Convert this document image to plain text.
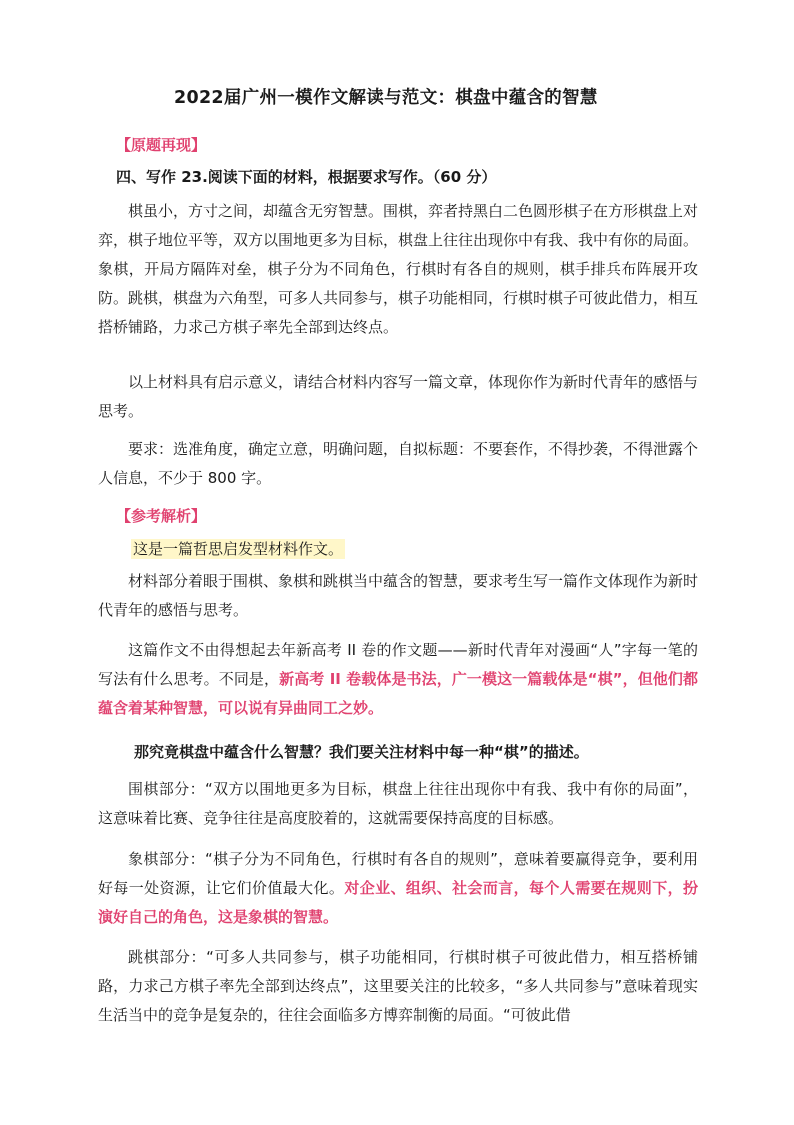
2022届广州一模作文解读与范文：棋盘中蕴含的智慧
【原题再现】
四、写作 23.阅读下面的材料，根据要求写作。（60 分）
棋虽小，方寸之间，却蕴含无穷智慧。围棋，弈者持黑白二色圆形棋子在方形棋盘上对弈，棋子地位平等，双方以围地更多为目标，棋盘上往往出现你中有我、我中有你的局面。象棋，开局方隔阵对垒，棋子分为不同角色，行棋时有各自的规则，棋手排兵布阵展开攻防。跳棋，棋盘为六角型，可多人共同参与，棋子功能相同，行棋时棋子可彼此借力，相互搭桥铺路，力求己方棋子率先全部到达终点。
以上材料具有启示意义，请结合材料内容写一篇文章，体现你作为新时代青年的感悟与思考。
要求：选准角度，确定立意，明确问题，自拟标题：不要套作，不得抄袭，不得泄露个人信息，不少于 800 字。
【参考解析】
这是一篇哲思启发型材料作文。
材料部分着眼于围棋、象棋和跳棋当中蕴含的智慧，要求考生写一篇作文体现作为新时代青年的感悟与思考。
这篇作文不由得想起去年新高考 II 卷的作文题——新时代青年对漫画“人”字每一笔的写法有什么思考。不同是，新高考 II 卷载体是书法，广一模这一篇载体是“棋”，但他们都蕴含着某种智慧，可以说有异曲同工之妙。
那究竟棋盘中蕴含什么智慧？我们要关注材料中每一种“棋”的描述。
围棋部分：“双方以围地更多为目标，棋盘上往往出现你中有我、我中有你的局面”，这意味着比赛、竞争往往是高度胶着的，这就需要保持高度的目标感。
象棋部分：“棋子分为不同角色，行棋时有各自的规则”，意味着要赢得竞争，要利用好每一处资源，让它们价值最大化。对企业、组织、社会而言，每个人需要在规则下，扮演好自己的角色，这是象棋的智慧。
跳棋部分：“可多人共同参与，棋子功能相同，行棋时棋子可彼此借力，相互搭桥铺路，力求己方棋子率先全部到达终点”，这里要关注的比较多，“多人共同参与”意味着现实生活当中的竞争是复杂的，往往会面临多方博弈制衡的局面。“可彼此借
